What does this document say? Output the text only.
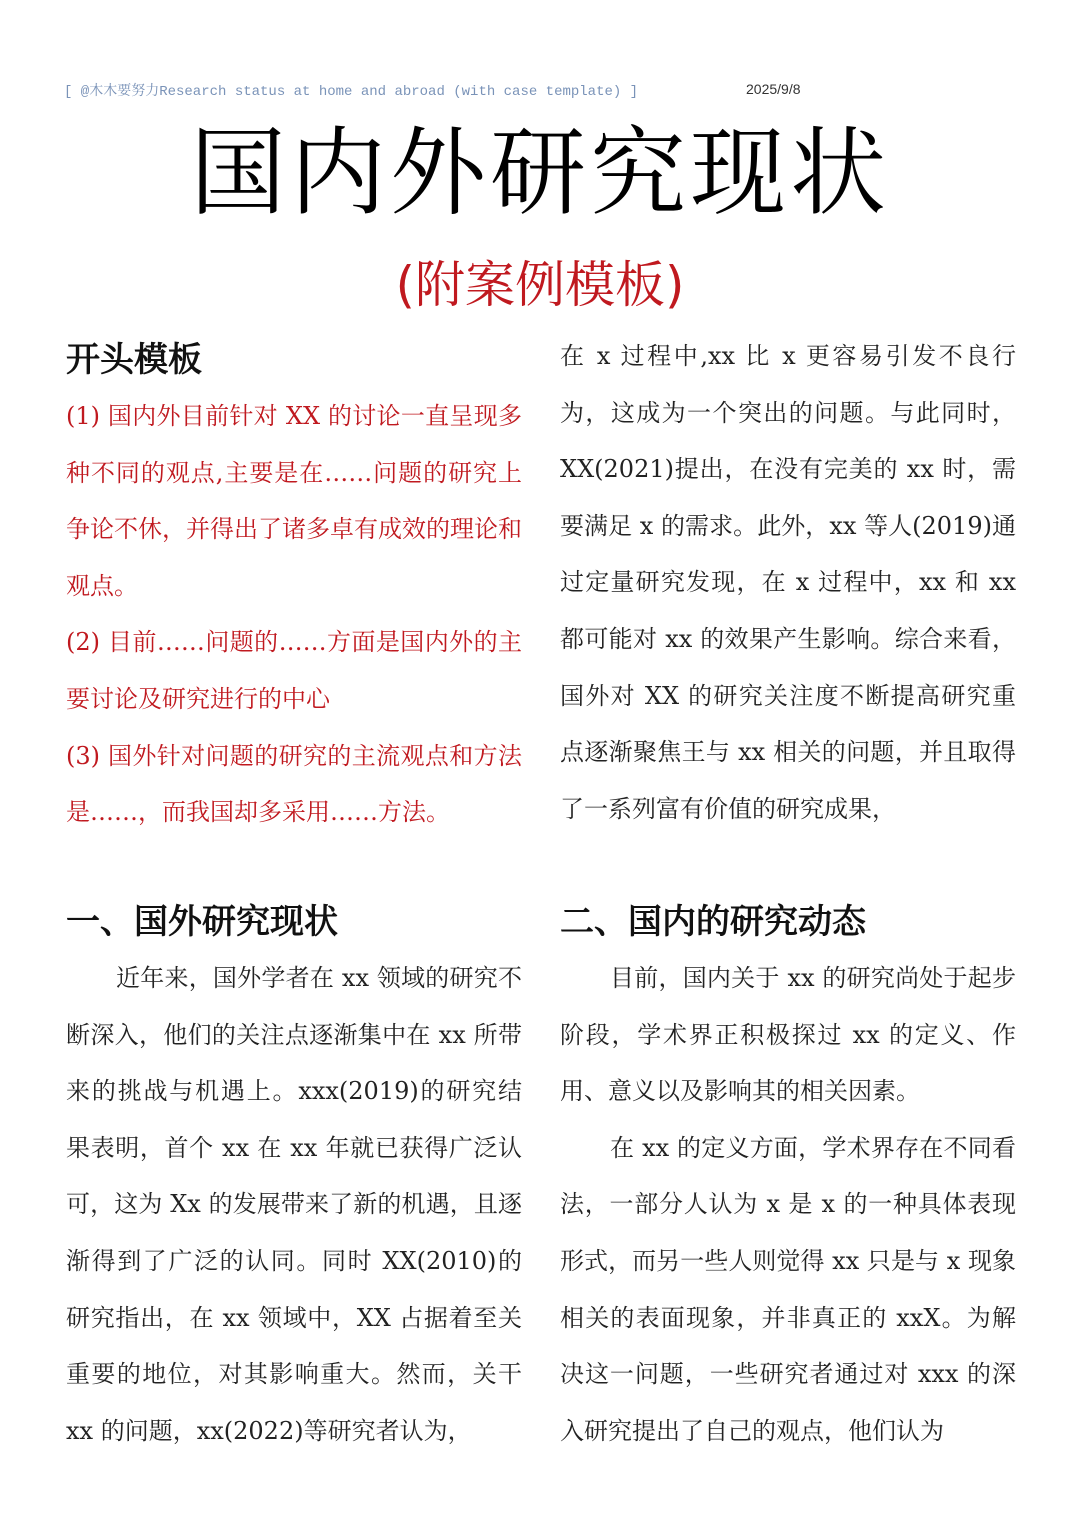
[ @木木要努力Research status at home and abroad (with case template) ]	2025/9/8
国内外研究现状
(附案例模板)
开头模板

(1) 国内外目前针对 XX 的讨论一直呈现多种不同的观点,主要是在……问题的研究上争论不休，并得出了诸多卓有成效的理论和观点。

(2) 目前……问题的……方面是国内外的主要讨论及研究进行的中心

(3) 国外针对问题的研究的主流观点和方法是……，而我国却多采用……方法。

在 x 过程中,xx 比 x 更容易引发不良行为，这成为一个突出的问题。与此同时，XX(2021)提出，在没有完美的 xx 时，需要满足 x 的需求。此外，xx 等人(2019)通过定量研究发现，在 x 过程中，xx 和 xx 都可能对 xx 的效果产生影响。综合来看，国外对 XX 的研究关注度不断提高研究重点逐渐聚焦王与 xx 相关的问题，并且取得了一系列富有价值的研究成果，

一、国外研究现状

近年来，国外学者在 xx 领域的研究不断深入，他们的关注点逐渐集中在 xx 所带来的挑战与机遇上。xxx(2019)的研究结果表明，首个 xx 在 xx 年就已获得广泛认可，这为 Xx 的发展带来了新的机遇，且逐渐得到了广泛的认同。同时 XX(2010)的研究指出，在 xx 领域中，XX 占据着至关重要的地位，对其影响重大。然而，关干 xx 的问题，xx(2022)等研究者认为，

二、国内的研究动态

目前，国内关于 xx 的研究尚处于起步阶段，学术界正积极探过 xx 的定义、作用、意义以及影响其的相关因素。

在 xx 的定义方面，学术界存在不同看法，一部分人认为 x 是 x 的一种具体表现形式，而另一些人则觉得 xx 只是与 x 现象相关的表面现象，并非真正的 xxX。为解决这一问题，一些研究者通过对 xxx 的深入研究提出了自己的观点，他们认为
